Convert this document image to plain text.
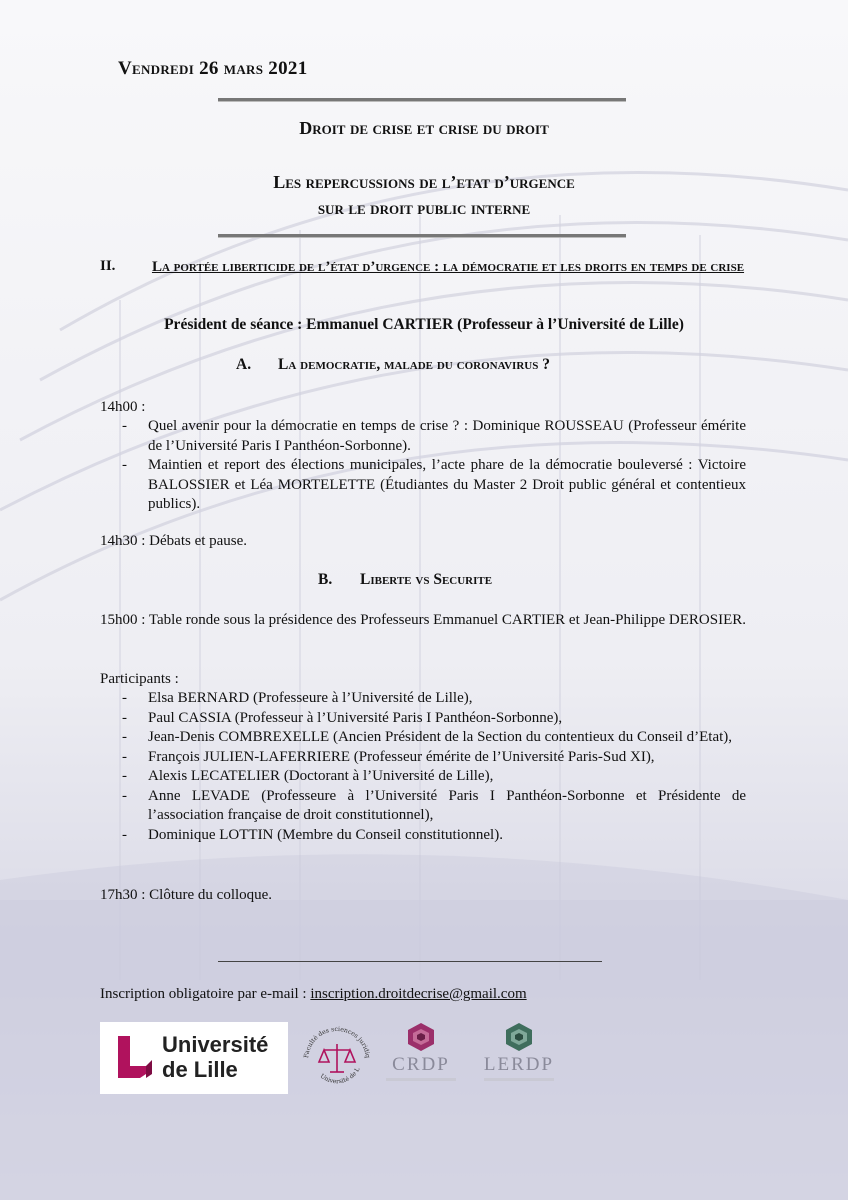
Vendredi 26 mars 2021
Droit de crise et crise du droit
Les repercussions de l’etat d’urgence
sur le droit public interne
II.	La portée liberticide de l’état d’urgence : la démocratie et les droits en temps de crise
Président de séance : Emmanuel CARTIER (Professeur à l’Université de Lille)
A. La democratie, malade du coronavirus ?
14h00 :
- Quel avenir pour la démocratie en temps de crise ? : Dominique ROUSSEAU (Professeur émérite de l’Université Paris I Panthéon-Sorbonne).
- Maintien et report des élections municipales, l’acte phare de la démocratie bouleversé : Victoire BALOSSIER et Léa MORTELETTE (Étudiantes du Master 2 Droit public général et contentieux publics).
14h30 : Débats et pause.
B. Liberte vs Securite
15h00 : Table ronde sous la présidence des Professeurs Emmanuel CARTIER et Jean-Philippe DEROSIER.
Participants :
- Elsa BERNARD (Professeure à l’Université de Lille),
- Paul CASSIA (Professeur à l’Université Paris I Panthéon-Sorbonne),
- Jean-Denis COMBREXELLE (Ancien Président de la Section du contentieux du Conseil d’Etat),
- François JULIEN-LAFERRIERE (Professeur émérite de l’Université Paris-Sud XI),
- Alexis LECATELIER (Doctorant à l’Université de Lille),
- Anne LEVADE (Professeure à l’Université Paris I Panthéon-Sorbonne et Présidente de l’association française de droit constitutionnel),
- Dominique LOTTIN (Membre du Conseil constitutionnel).
17h30 : Clôture du colloque.
Inscription obligatoire par e-mail : inscription.droitdecrise@gmail.com
Université
de Lille
Faculté des sciences juridiq
Université de L	CRDP	LERDP
